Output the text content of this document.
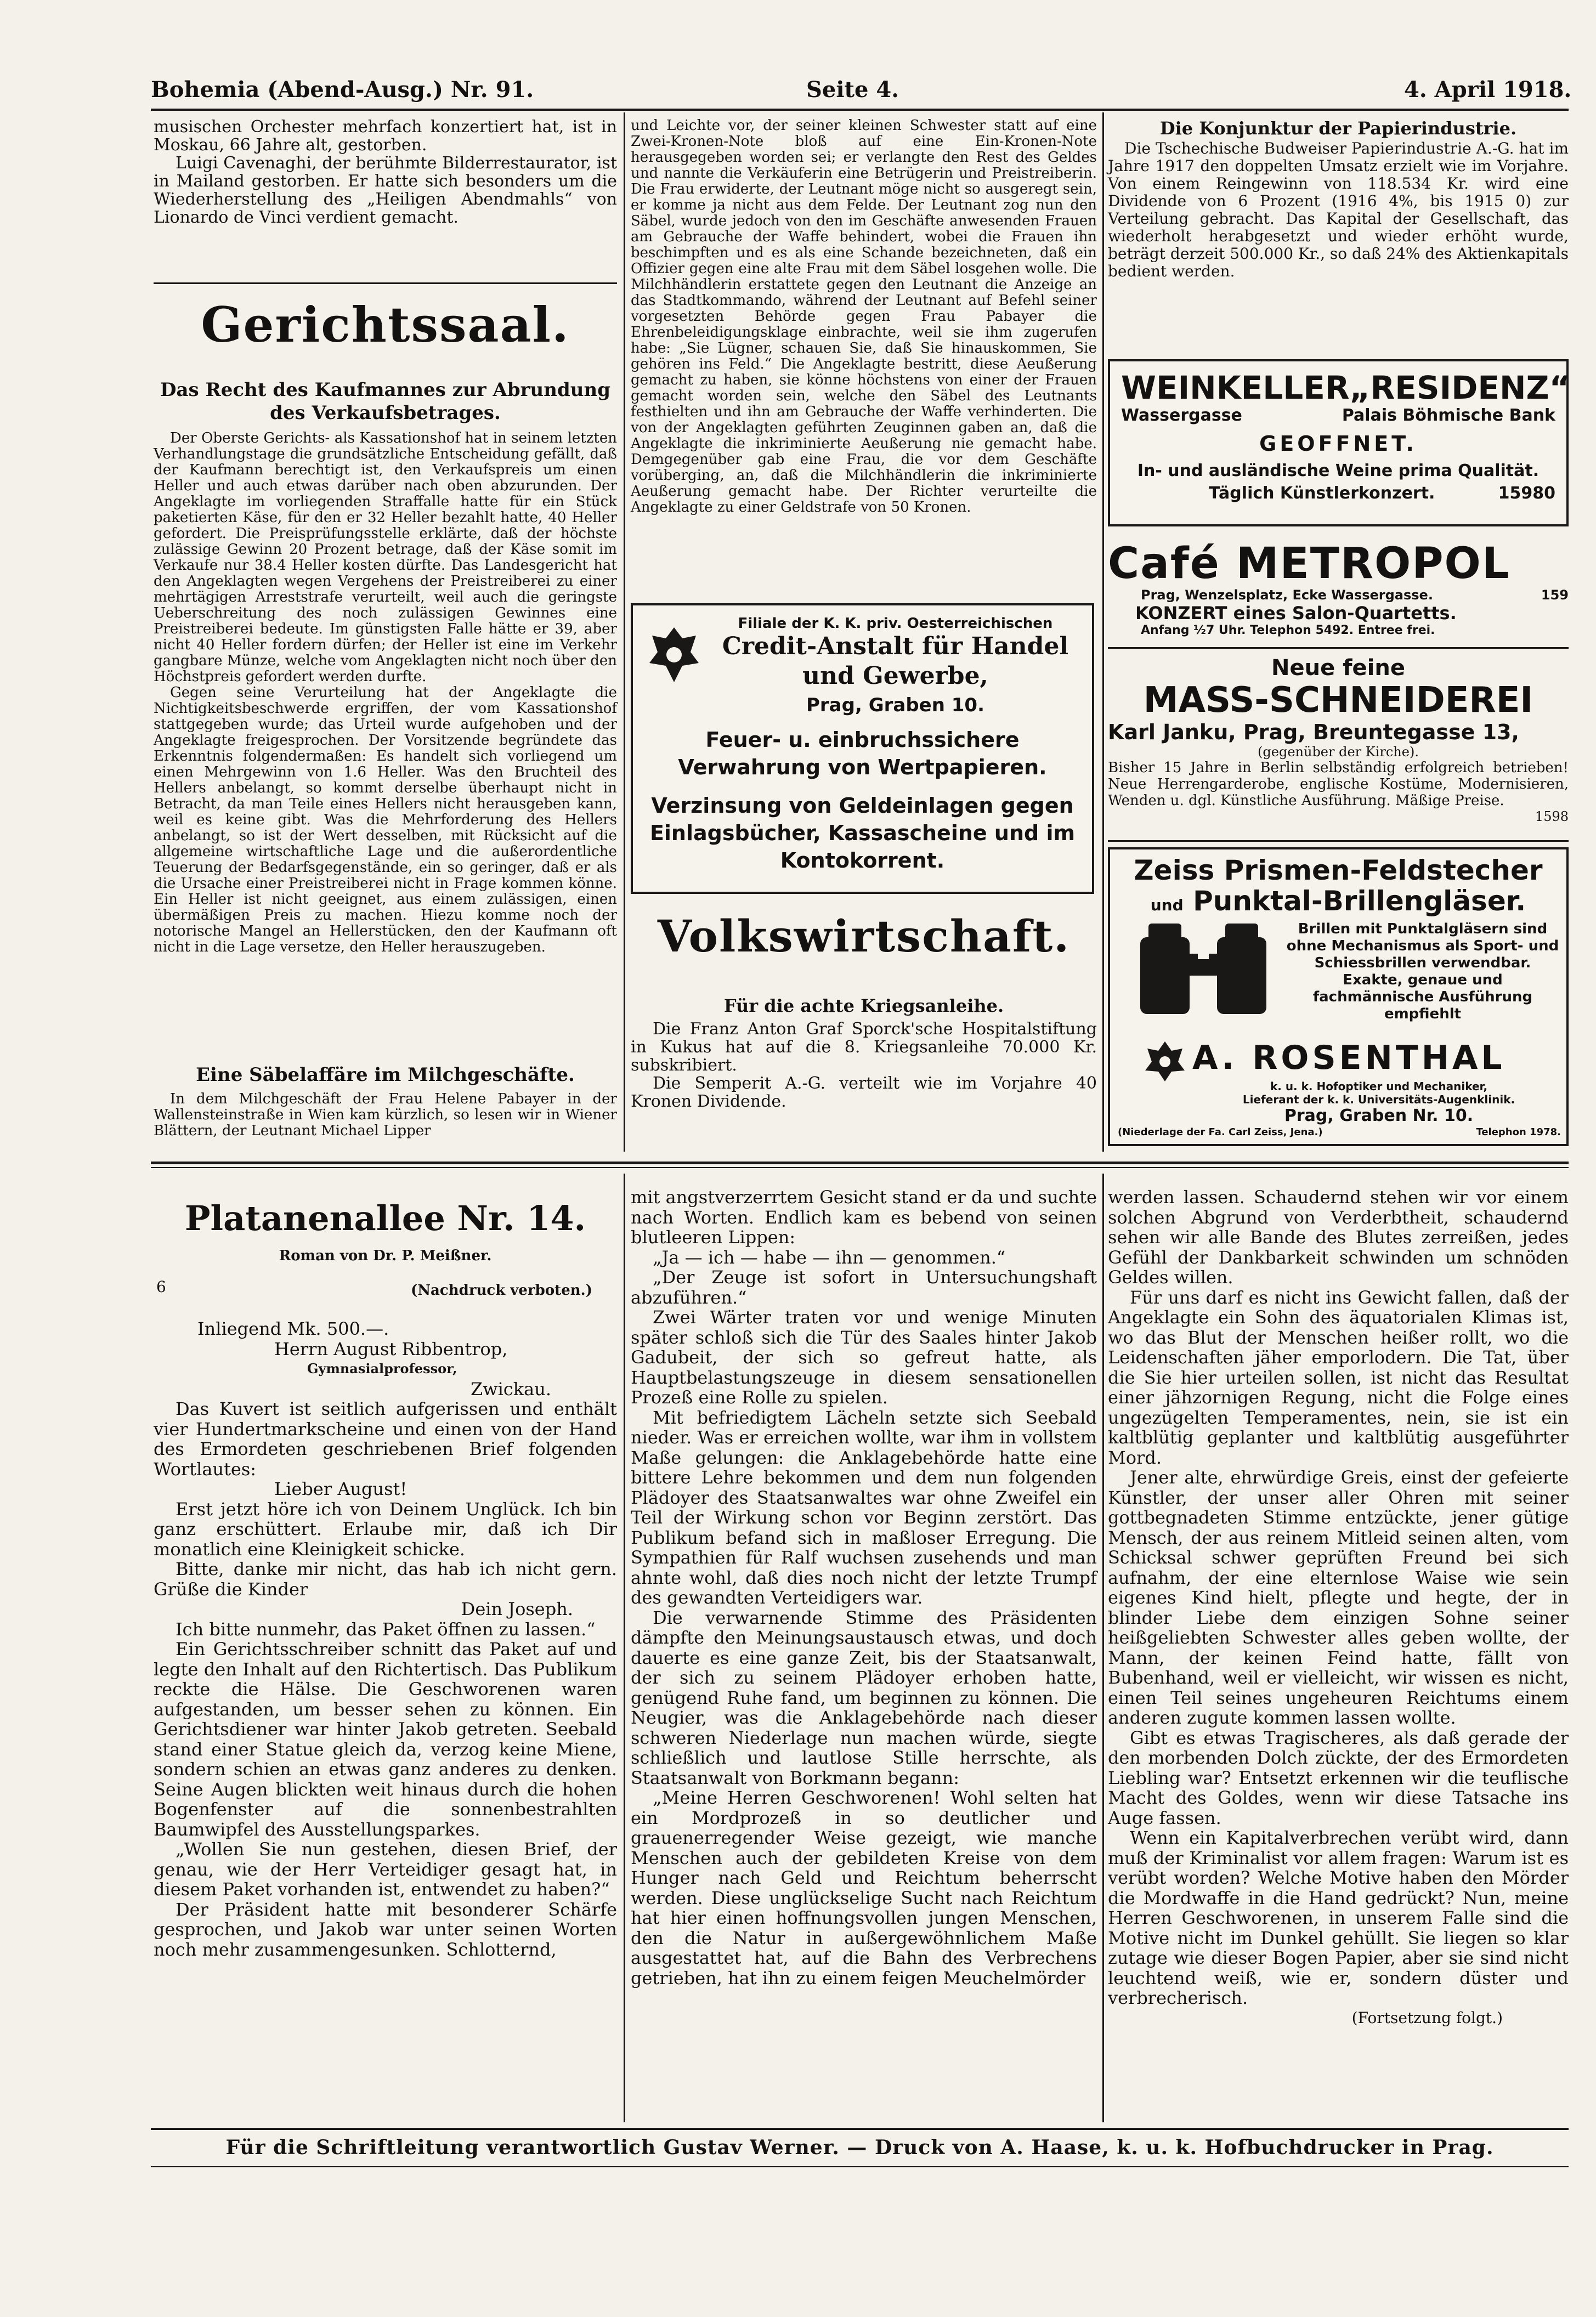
Bohemia (Abend-Ausg.) Nr. 91.	Seite 4.	4. April 1918.

musischen Orchester mehrfach konzertiert hat, ist in Moskau, 66 Jahre alt, gestorben.

Luigi Cavenaghi, der berühmte Bilderrestaurator, ist in Mailand gestorben. Er hatte sich besonders um die Wiederherstellung des „Heiligen Abendmahls“ von Lionardo de Vinci verdient gemacht.

Gerichtssaal.
Das Recht des Kaufmannes zur Abrundung des Verkaufsbetrages.

Der Oberste Gerichts- als Kassationshof hat in seinem letzten Verhandlungstage die grundsätzliche Entscheidung gefällt, daß der Kaufmann berechtigt ist, den Verkaufspreis um einen Heller und auch etwas darüber nach oben abzurunden. Der Angeklagte im vorliegenden Straffalle hatte für ein Stück paketierten Käse, für den er 32 Heller bezahlt hatte, 40 Heller gefordert. Die Preisprüfungsstelle erklärte, daß der höchste zulässige Gewinn 20 Prozent betrage, daß der Käse somit im Verkaufe nur 38.4 Heller kosten dürfte. Das Landesgericht hat den Angeklagten wegen Vergehens der Preistreiberei zu einer mehrtägigen Arreststrafe verurteilt, weil auch die geringste Ueberschreitung des noch zulässigen Gewinnes eine Preistreiberei bedeute. Im günstigsten Falle hätte er 39, aber nicht 40 Heller fordern dürfen; der Heller ist eine im Verkehr gangbare Münze, welche vom Angeklagten nicht noch über den Höchstpreis gefordert werden durfte.

Gegen seine Verurteilung hat der Angeklagte die Nichtigkeitsbeschwerde ergriffen, der vom Kassationshof stattgegeben wurde; das Urteil wurde aufgehoben und der Angeklagte freigesprochen. Der Vorsitzende begründete das Erkenntnis folgendermaßen: Es handelt sich vorliegend um einen Mehrgewinn von 1.6 Heller. Was den Bruchteil des Hellers anbelangt, so kommt derselbe überhaupt nicht in Betracht, da man Teile eines Hellers nicht herausgeben kann, weil es keine gibt. Was die Mehrforderung des Hellers anbelangt, so ist der Wert desselben, mit Rücksicht auf die allgemeine wirtschaftliche Lage und die außerordentliche Teuerung der Bedarfsgegenstände, ein so geringer, daß er als die Ursache einer Preistreiberei nicht in Frage kommen könne. Ein Heller ist nicht geeignet, aus einem zulässigen, einen übermäßigen Preis zu machen. Hiezu komme noch der notorische Mangel an Hellerstücken, den der Kaufmann oft nicht in die Lage versetze, den Heller herauszugeben.

Eine Säbelaffäre im Milchgeschäfte.

In dem Milchgeschäft der Frau Helene Pabayer in der Wallensteinstraße in Wien kam kürzlich, so lesen wir in Wiener Blättern, der Leutnant Michael Lipper

und Leichte vor, der seiner kleinen Schwester statt auf eine Zwei-Kronen-Note bloß auf eine Ein-Kronen-Note herausgegeben worden sei; er verlangte den Rest des Geldes und nannte die Verkäuferin eine Betrügerin und Preistreiberin. Die Frau erwiderte, der Leutnant möge nicht so ausgeregt sein, er komme ja nicht aus dem Felde. Der Leutnant zog nun den Säbel, wurde jedoch von den im Geschäfte anwesenden Frauen am Gebrauche der Waffe behindert, wobei die Frauen ihn beschimpften und es als eine Schande bezeichneten, daß ein Offizier gegen eine alte Frau mit dem Säbel losgehen wolle. Die Milchhändlerin erstattete gegen den Leutnant die Anzeige an das Stadtkommando, während der Leutnant auf Befehl seiner vorgesetzten Behörde gegen Frau Pabayer die Ehrenbeleidigungsklage einbrachte, weil sie ihm zugerufen habe: „Sie Lügner, schauen Sie, daß Sie hinauskommen, Sie gehören ins Feld.“ Die Angeklagte bestritt, diese Aeußerung gemacht zu haben, sie könne höchstens von einer der Frauen gemacht worden sein, welche den Säbel des Leutnants festhielten und ihn am Gebrauche der Waffe verhinderten. Die von der Angeklagten geführten Zeuginnen gaben an, daß die Angeklagte die inkriminierte Aeußerung nie gemacht habe. Demgegenüber gab eine Frau, die vor dem Geschäfte vorüberging, an, daß die Milchhändlerin die inkriminierte Aeußerung gemacht habe. Der Richter verurteilte die Angeklagte zu einer Geldstrafe von 50 Kronen.

Filiale der K. K. priv. Oesterreichischen
Credit-Anstalt für Handel und Gewerbe,
Prag, Graben 10.
Feuer- u. einbruchssichere Verwahrung von Wertpapieren.
Verzinsung von Geldeinlagen gegen Einlagsbücher, Kassascheine und im Kontokorrent.
Volkswirtschaft.
Für die achte Kriegsanleihe.

Die Franz Anton Graf Sporck'sche Hospitalstiftung in Kukus hat auf die 8. Kriegsanleihe 70.000 Kr. subskribiert.

Die Semperit A.-G. verteilt wie im Vorjahre 40 Kronen Dividende.

Die Konjunktur der Papierindustrie.

Die Tschechische Budweiser Papierindustrie A.-G. hat im Jahre 1917 den doppelten Umsatz erzielt wie im Vorjahre. Von einem Reingewinn von 118.534 Kr. wird eine Dividende von 6 Prozent (1916 4%, bis 1915 0) zur Verteilung gebracht. Das Kapital der Gesellschaft, das wiederholt herabgesetzt und wieder erhöht wurde, beträgt derzeit 500.000 Kr., so daß 24% des Aktienkapitals bedient werden.

WEINKELLER „RESIDENZ“
Wassergasse	Palais Böhmische Bank
GEOFFNET.
In- und ausländische Weine prima Qualität.
Täglich Künstlerkonzert.	15980
Café METROPOL
Prag, Wenzelsplatz, Ecke Wassergasse.	159
KONZERT eines Salon-Quartetts.
Anfang ½7 Uhr. Telephon 5492. Entree frei.
Neue feine
MASS-SCHNEIDEREI
Karl Janku, Prag, Breuntegasse 13,
(gegenüber der Kirche).
Bisher 15 Jahre in Berlin selbständig erfolgreich betrieben! Neue Herrengarderobe, englische Kostüme, Modernisieren, Wenden u. dgl. Künstliche Ausführung. Mäßige Preise.
1598
Zeiss Prismen-Feldstecher
und Punktal-Brillengläser.
Brillen mit Punktalgläsern sind ohne Mechanismus als Sport- und Schiessbrillen verwendbar. Exakte, genaue und fachmännische Ausführung empfiehlt
A. ROSENTHAL
k. u. k. Hofoptiker und Mechaniker,
Lieferant der k. k. Universitäts-Augenklinik.
Prag, Graben Nr. 10.
(Niederlage der Fa. Carl Zeiss, Jena.)	Telephon 1978.
Platanenallee Nr. 14.
Roman von Dr. P. Meißner.
6	(Nachdruck verboten.)

Inliegend Mk. 500.—.

Herrn August Ribbentrop,

Gymnasialprofessor,

Zwickau.

Das Kuvert ist seitlich aufgerissen und enthält vier Hundertmarkscheine und einen von der Hand des Ermordeten geschriebenen Brief folgenden Wortlautes:

Lieber August!

Erst jetzt höre ich von Deinem Unglück. Ich bin ganz erschüttert. Erlaube mir, daß ich Dir monatlich eine Kleinigkeit schicke.

Bitte, danke mir nicht, das hab ich nicht gern. Grüße die Kinder

Dein Joseph.

Ich bitte nunmehr, das Paket öffnen zu lassen.“

Ein Gerichtsschreiber schnitt das Paket auf und legte den Inhalt auf den Richtertisch. Das Publikum reckte die Hälse. Die Geschworenen waren aufgestanden, um besser sehen zu können. Ein Gerichtsdiener war hinter Jakob getreten. Seebald stand einer Statue gleich da, verzog keine Miene, sondern schien an etwas ganz anderes zu denken. Seine Augen blickten weit hinaus durch die hohen Bogenfenster auf die sonnenbestrahlten Baumwipfel des Ausstellungsparkes.

„Wollen Sie nun gestehen, diesen Brief, der genau, wie der Herr Verteidiger gesagt hat, in diesem Paket vorhanden ist, entwendet zu haben?“

Der Präsident hatte mit besonderer Schärfe gesprochen, und Jakob war unter seinen Worten noch mehr zusammengesunken. Schlotternd,

mit angstverzerrtem Gesicht stand er da und suchte nach Worten. Endlich kam es bebend von seinen blutleeren Lippen:

„Ja — ich — habe — ihn — genommen.“

„Der Zeuge ist sofort in Untersuchungshaft abzuführen.“

Zwei Wärter traten vor und wenige Minuten später schloß sich die Tür des Saales hinter Jakob Gadubeit, der sich so gefreut hatte, als Hauptbelastungszeuge in diesem sensationellen Prozeß eine Rolle zu spielen.

Mit befriedigtem Lächeln setzte sich Seebald nieder. Was er erreichen wollte, war ihm in vollstem Maße gelungen: die Anklagebehörde hatte eine bittere Lehre bekommen und dem nun folgenden Plädoyer des Staatsanwaltes war ohne Zweifel ein Teil der Wirkung schon vor Beginn zerstört. Das Publikum befand sich in maßloser Erregung. Die Sympathien für Ralf wuchsen zusehends und man ahnte wohl, daß dies noch nicht der letzte Trumpf des gewandten Verteidigers war.

Die verwarnende Stimme des Präsidenten dämpfte den Meinungsaustausch etwas, und doch dauerte es eine ganze Zeit, bis der Staatsanwalt, der sich zu seinem Plädoyer erhoben hatte, genügend Ruhe fand, um beginnen zu können. Die Neugier, was die Anklagebehörde nach dieser schweren Niederlage nun machen würde, siegte schließlich und lautlose Stille herrschte, als Staatsanwalt von Borkmann begann:

„Meine Herren Geschworenen! Wohl selten hat ein Mordprozeß in so deutlicher und grauenerregender Weise gezeigt, wie manche Menschen auch der gebildeten Kreise von dem Hunger nach Geld und Reichtum beherrscht werden. Diese unglückselige Sucht nach Reichtum hat hier einen hoffnungsvollen jungen Menschen, den die Natur in außergewöhnlichem Maße ausgestattet hat, auf die Bahn des Verbrechens getrieben, hat ihn zu einem feigen Meuchelmörder

werden lassen. Schaudernd stehen wir vor einem solchen Abgrund von Verderbtheit, schaudernd sehen wir alle Bande des Blutes zerreißen, jedes Gefühl der Dankbarkeit schwinden um schnöden Geldes willen.

Für uns darf es nicht ins Gewicht fallen, daß der Angeklagte ein Sohn des äquatorialen Klimas ist, wo das Blut der Menschen heißer rollt, wo die Leidenschaften jäher emporlodern. Die Tat, über die Sie hier urteilen sollen, ist nicht das Resultat einer jähzornigen Regung, nicht die Folge eines ungezügelten Temperamentes, nein, sie ist ein kaltblütig geplanter und kaltblütig ausgeführter Mord.

Jener alte, ehrwürdige Greis, einst der gefeierte Künstler, der unser aller Ohren mit seiner gottbegnadeten Stimme entzückte, jener gütige Mensch, der aus reinem Mitleid seinen alten, vom Schicksal schwer geprüften Freund bei sich aufnahm, der eine elternlose Waise wie sein eigenes Kind hielt, pflegte und hegte, der in blinder Liebe dem einzigen Sohne seiner heißgeliebten Schwester alles geben wollte, der Mann, der keinen Feind hatte, fällt von Bubenhand, weil er vielleicht, wir wissen es nicht, einen Teil seines ungeheuren Reichtums einem anderen zugute kommen lassen wollte.

Gibt es etwas Tragischeres, als daß gerade der den morbenden Dolch zückte, der des Ermordeten Liebling war? Entsetzt erkennen wir die teuflische Macht des Goldes, wenn wir diese Tatsache ins Auge fassen.

Wenn ein Kapitalverbrechen verübt wird, dann muß der Kriminalist vor allem fragen: Warum ist es verübt worden? Welche Motive haben den Mörder die Mordwaffe in die Hand gedrückt? Nun, meine Herren Geschworenen, in unserem Falle sind die Motive nicht im Dunkel gehüllt. Sie liegen so klar zutage wie dieser Bogen Papier, aber sie sind nicht leuchtend weiß, wie er, sondern düster und verbrecherisch.

(Fortsetzung folgt.)

Für die Schriftleitung verantwortlich Gustav Werner. — Druck von A. Haase, k. u. k. Hofbuchdrucker in Prag.
